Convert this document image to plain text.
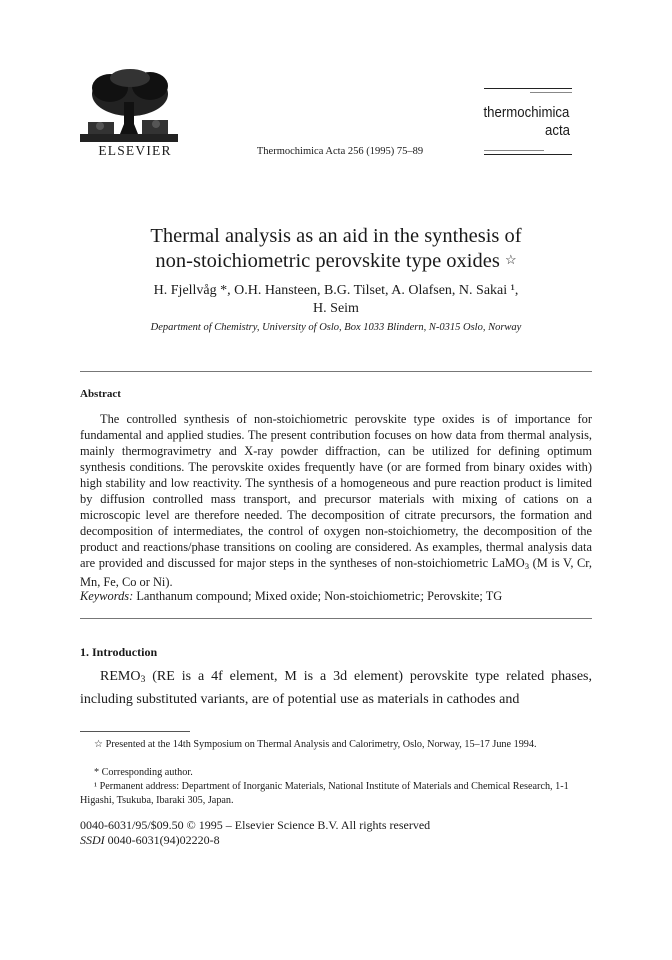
ELSEVIER	Thermochimica Acta 256 (1995) 75–89
thermochimica
acta
Thermal analysis as an aid in the synthesis of
non-stoichiometric perovskite type oxides ☆
H. Fjellvåg *, O.H. Hansteen, B.G. Tilset, A. Olafsen, N. Sakai ¹,
H. Seim
Department of Chemistry, University of Oslo, Box 1033 Blindern, N-0315 Oslo, Norway
Abstract
The controlled synthesis of non-stoichiometric perovskite type oxides is of importance for fundamental and applied studies. The present contribution focuses on how data from thermal analysis, mainly thermogravimetry and X-ray powder diffraction, can be utilized for defining optimum synthesis conditions. The perovskite oxides frequently have (or are formed from binary oxides with) high stability and low reactivity. The synthesis of a homogeneous and pure reaction product is limited by diffusion controlled mass transport, and precursor materials with mixing of cations on a microscopic level are therefore needed. The decomposition of citrate precursors, the formation and decomposition of intermediates, the control of oxygen non-stoichiometry, the decomposition of the product and reactions/phase transitions on cooling are considered. As examples, thermal analysis data are provided and discussed for major steps in the syntheses of non-stoichiometric LaMO$_3$ (M is V, Cr, Mn, Fe, Co or Ni).
Keywords: Lanthanum compound; Mixed oxide; Non-stoichiometric; Perovskite; TG
1. Introduction
$REMO_3$ (RE is a 4f element, M is a 3d element) perovskite type related phases, including substituted variants, are of potential use as materials in cathodes and
☆ Presented at the 14th Symposium on Thermal Analysis and Calorimetry, Oslo, Norway, 15–17 June 1994.
* Corresponding author.
¹ Permanent address: Department of Inorganic Materials, National Institute of Materials and Chemical Research, 1-1 Higashi, Tsukuba, Ibaraki 305, Japan.
0040-6031/95/$09.50 © 1995 – Elsevier Science B.V. All rights reserved
SSDI 0040-6031(94)02220-8
